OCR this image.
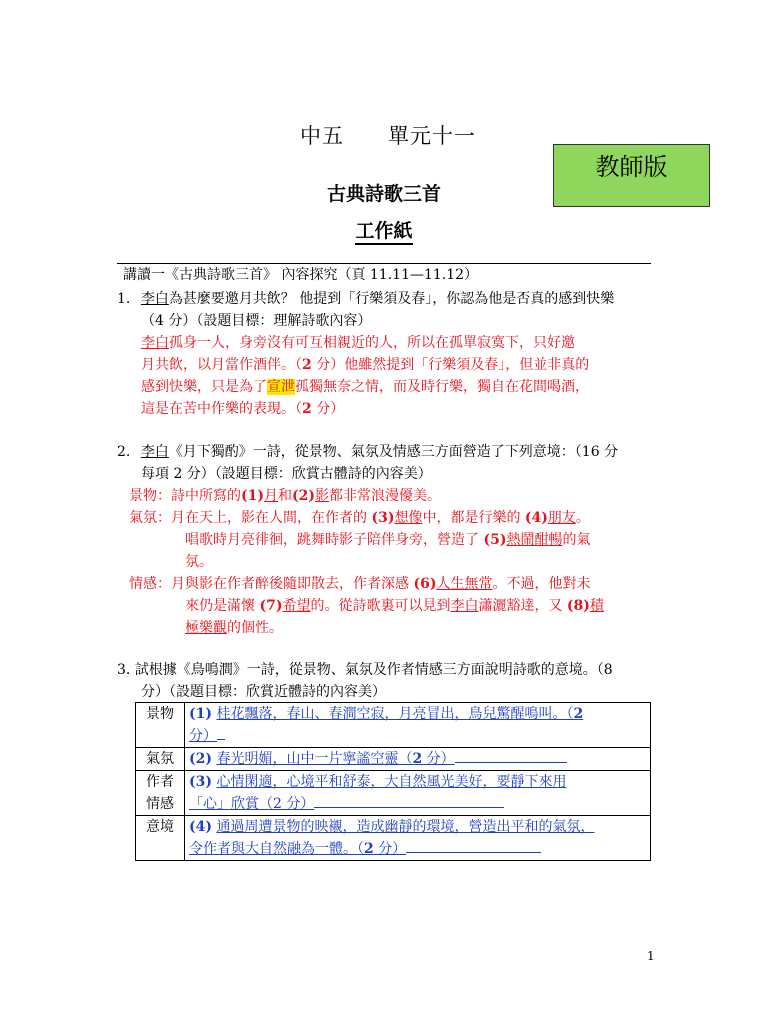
中五 單元十一
教師版
古典詩歌三首
工作紙
講讀一《古典詩歌三首》 內容探究（頁 11.11—11.12）
1. 李白為甚麼要邀月共飲？ 他提到「行樂須及春」，你認為他是否真的感到快樂
（4 分）（設題目標：理解詩歌內容）
李白孤身一人，身旁沒有可互相親近的人，所以在孤單寂寞下，只好邀
月共飲，以月當作酒伴。（2 分）他雖然提到「行樂須及春」，但並非真的
感到快樂，只是為了宣泄孤獨無奈之情，而及時行樂，獨自在花間喝酒，
這是在苦中作樂的表現。（2 分）
2. 李白《月下獨酌》一詩，從景物、氣氛及情感三方面營造了下列意境：（16 分
每項 2 分）（設題目標：欣賞古體詩的內容美）
景物：詩中所寫的(1)月和(2)影都非常浪漫優美。
氣氛：月在天上，影在人間，在作者的 (3)想像中，都是行樂的 (4)朋友。
唱歌時月亮徘徊，跳舞時影子陪伴身旁，營造了 (5)熱鬧酣暢的氣
氛。
情感：月與影在作者醉後隨即散去，作者深感 (6)人生無常。不過，他對未
來仍是滿懷 (7)希望的。從詩歌裏可以見到李白瀟灑豁達，又 (8)積
極樂觀的個性。
3. 試根據《鳥鳴澗》一詩，從景物、氣氛及作者情感三方面說明詩歌的意境。（8
分）（設題目標：欣賞近體詩的內容美）
景物	(1) 桂花飄落，春山、春澗空寂，月亮冒出，鳥兒驚醒鳴叫。（2
分）
氣氛	(2) 春光明媚，山中一片寧謐空靈（2 分）
作者
情感	(3) 心情閑適，心境平和舒泰，大自然風光美好，要靜下來用
「心」欣賞（2 分）
意境	(4) 通過周遭景物的映襯，造成幽靜的環境，營造出平和的氣氛，
令作者與大自然融為一體。（2 分）
1
